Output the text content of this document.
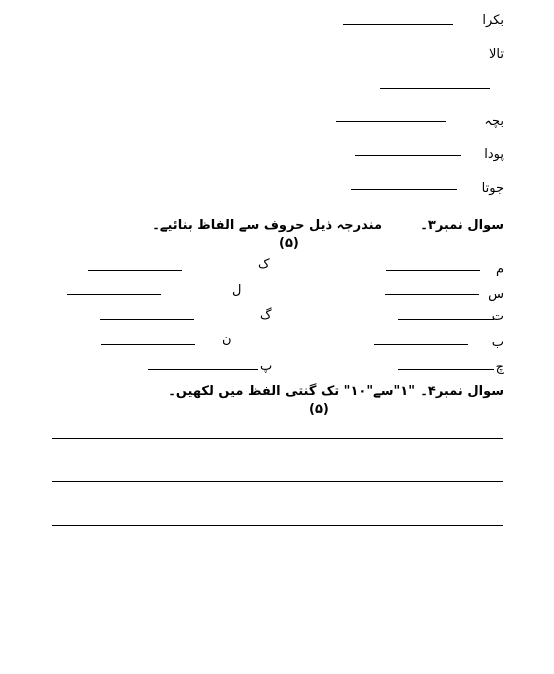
بکرا
تالا
بچہ
پودا
جوتا
سوال نمبر۳۔
مندرجہ ذیل حروف سے الفاظ بنائیے۔
(۵)
م
ک
س
ل
ت
گ
ب
ن
چ
پ
سوال نمبر۴۔
"۱"سے"۱۰" تک گنتی الفظ میں لکھیں۔
(۵)
